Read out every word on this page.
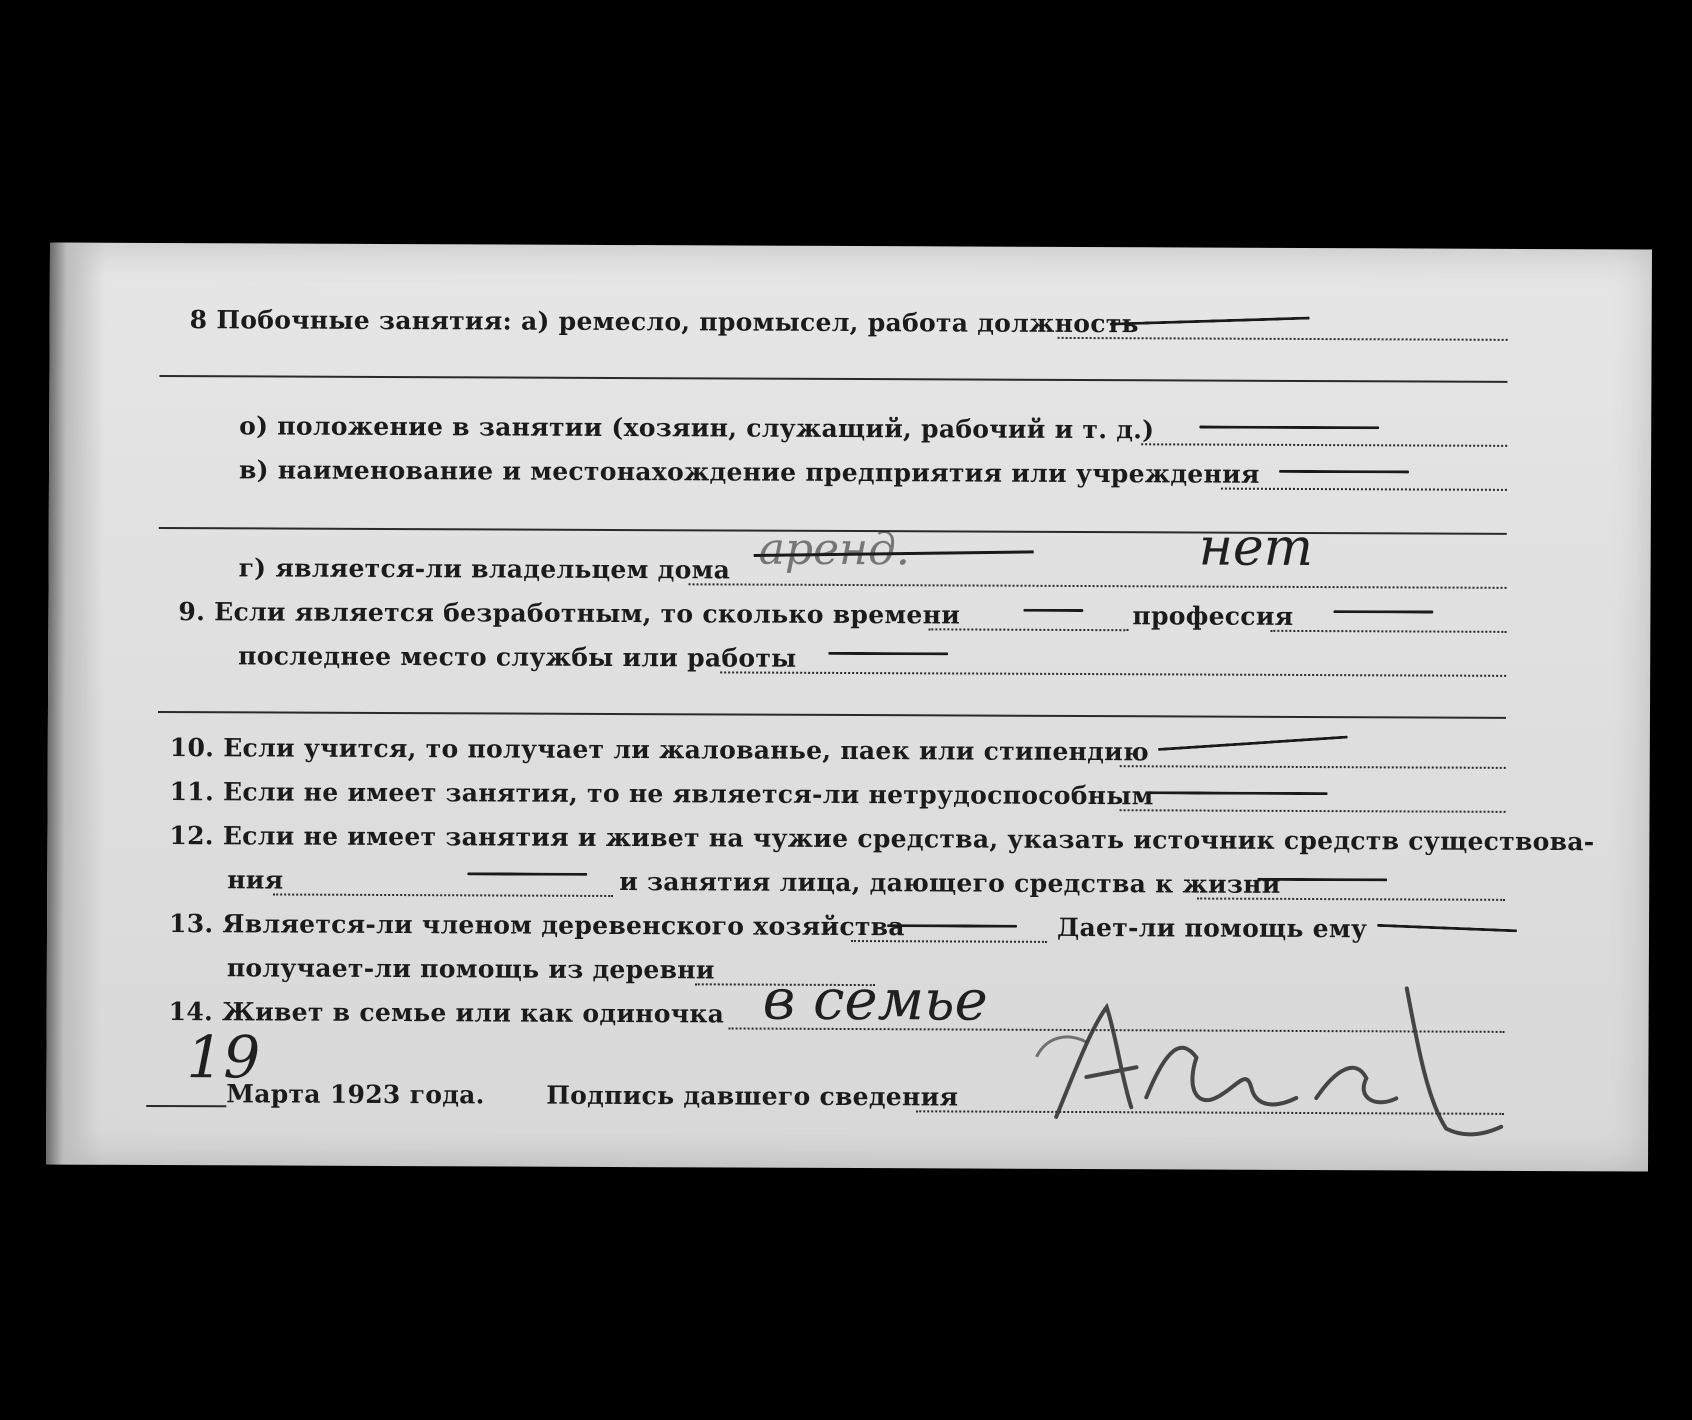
8 Побочные занятия: а) ремесло, промысел, работа должность
о) положение в занятии (хозяин, служащий, рабочий и т. д.)
в) наименование и местонахождение предприятия или учреждения
г) является-ли владельцем дома аренд.	нет
9. Если является безработным, то сколько времени	профессия
последнее место службы или работы
10. Если учится, то получает ли жалованье, паек или стипендию
11. Если не имеет занятия, то не является-ли нетрудоспособным
12. Если не имеет занятия и живет на чужие средства, указать источник средств существова-
ния	и занятия лица, дающего средства к жизни
13. Является-ли членом деревенского хозяйства	Дает-ли помощь ему
получает-ли помощь из деревни
14. Живет в семье или как одиночка в семье
19
Марта 1923 года. Подпись давшего сведения
